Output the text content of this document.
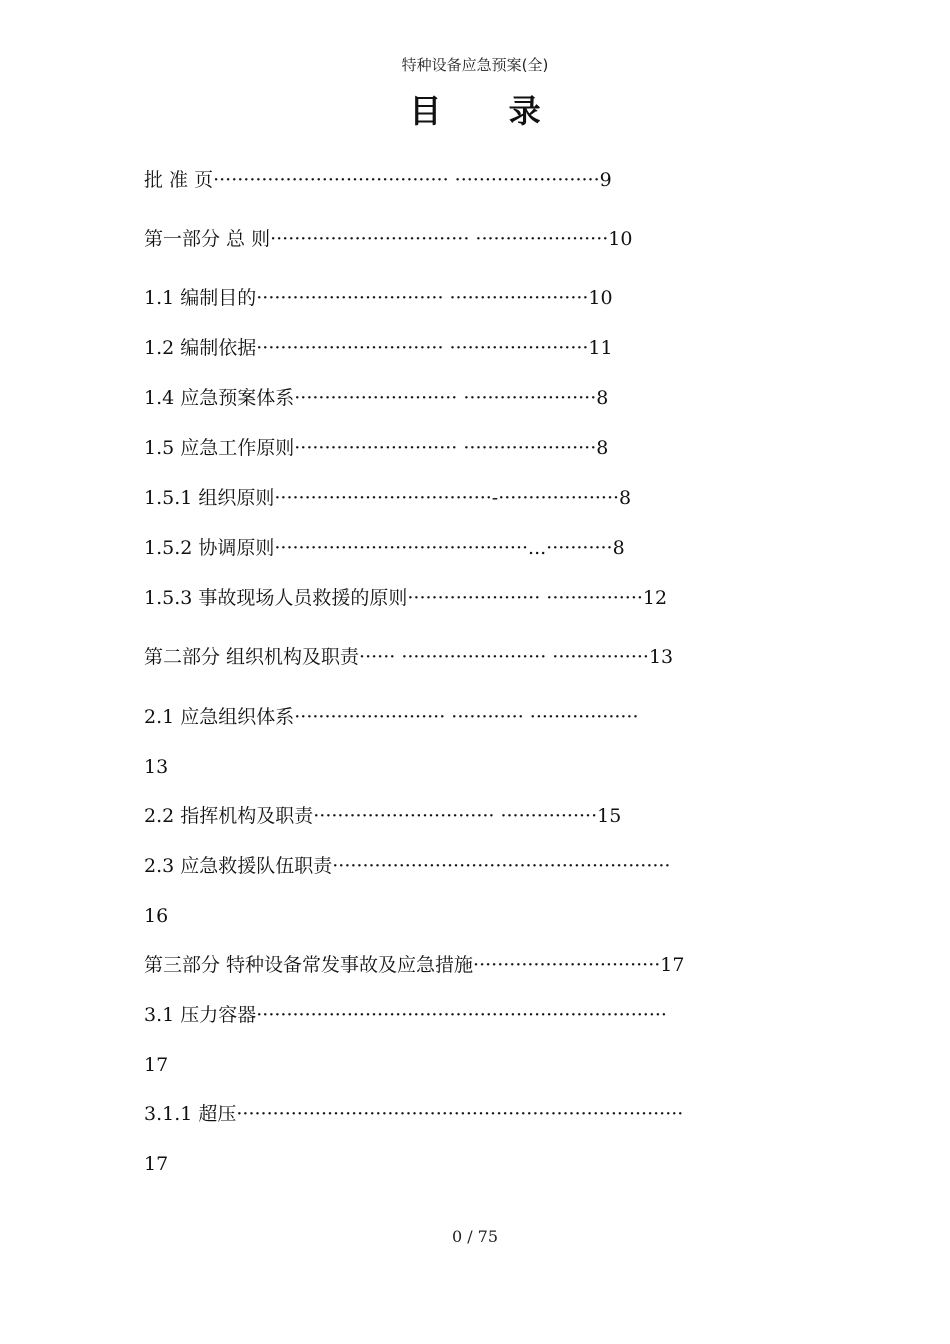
特种设备应急预案(全)
目 录
批 准 页······································· ························9
第一部分 总 则································· ······················10
1.1 编制目的······························· ·······················10
1.2 编制依据······························· ·······················11
1.4 应急预案体系··························· ······················8
1.5 应急工作原则··························· ······················8
1.5.1 组织原则····································-····················8
1.5.2 协调原则··········································...···········8
1.5.3 事故现场人员救援的原则······················ ················12
第二部分 组织机构及职责······ ························ ················13
2.1 应急组织体系························· ············ ··················
13
2.2 指挥机构及职责······························ ················15
2.3 应急救援队伍职责························································
16
第三部分 特种设备常发事故及应急措施·······························17
3.1 压力容器····································································
17
3.1.1 超压··········································································
17
0 / 75
